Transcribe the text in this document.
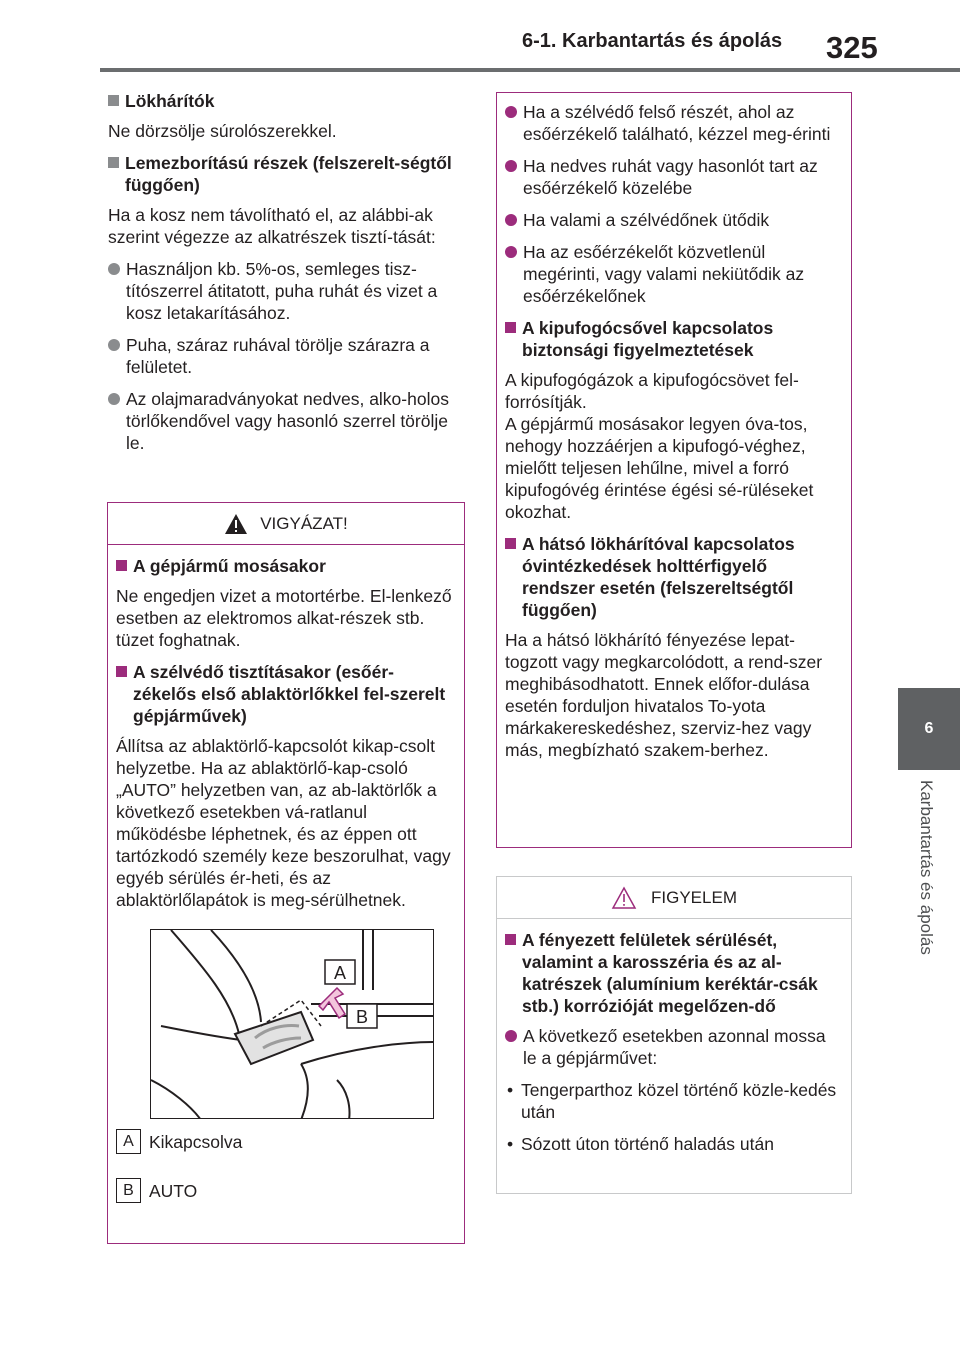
6-1. Karbantartás és ápolás 325
6
Karbantartás és ápolás
Lökhárítók
Ne dörzsölje súrolószerekkel.
Lemezborítású részek (felszerelt-ségtől függően)
Ha a kosz nem távolítható el, az alábbi-ak szerint végezze az alkatrészek tisztí-tását:
Használjon kb. 5%-os, semleges tisz-títószerrel átitatott, puha ruhát és vizet a kosz letakarításához.
Puha, száraz ruhával törölje szárazra a felületet.
Az olajmaradványokat nedves, alko-holos törlőkendővel vagy hasonló szerrel törölje le.
VIGYÁZAT!
A gépjármű mosásakor
Ne engedjen vizet a motortérbe. El-lenkező esetben az elektromos alkat-részek stb. tüzet foghatnak.
A szélvédő tisztításakor (esőér-zékelős első ablaktörlőkkel fel-szerelt gépjárművek)
Állítsa az ablaktörlő-kapcsolót kikap-csolt helyzetbe. Ha az ablaktörlő-kap-csoló „AUTO” helyzetben van, az ab-laktörlők a következő esetekben vá-ratlanul működésbe léphetnek, és az éppen ott tartózkodó személy keze beszorulhat, vagy egyéb sérülés ér-heti, és az ablaktörlőlapátok is meg-sérülhetnek.
A
B
A Kikapcsolva
B AUTO
Ha a szélvédő felső részét, ahol az esőérzékelő található, kézzel meg-érinti
Ha nedves ruhát vagy hasonlót tart az esőérzékelő közelébe
Ha valami a szélvédőnek ütődik
Ha az esőérzékelőt közvetlenül megérinti, vagy valami nekiütődik az esőérzékelőnek
A kipufogócsővel kapcsolatos biztonsági figyelmeztetések
A kipufogógázok a kipufogócsövet fel-forrósítják.
A gépjármű mosásakor legyen óva-tos, nehogy hozzáérjen a kipufogó-véghez, mielőtt teljesen lehűlne, mivel a forró kipufogóvég érintése égési sé-rüléseket okozhat.
A hátsó lökhárítóval kapcsolatos óvintézkedések holttérfigyelő rendszer esetén (felszereltségtől függően)
Ha a hátsó lökhárító fényezése lepat-togzott vagy megkarcolódott, a rend-szer meghibásodhatott. Ennek előfor-dulása esetén forduljon hivatalos To-yota márkakereskedéshez, szerviz-hez vagy más, megbízható szakem-berhez.
FIGYELEM
A fényezett felületek sérülését, valamint a karosszéria és az al-katrészek (alumínium keréktár-csák stb.) korrózióját megelőzen-dő
A következő esetekben azonnal mossa le a gépjárművet:
• Tengerparthoz közel történő közle-kedés után
• Sózott úton történő haladás után
